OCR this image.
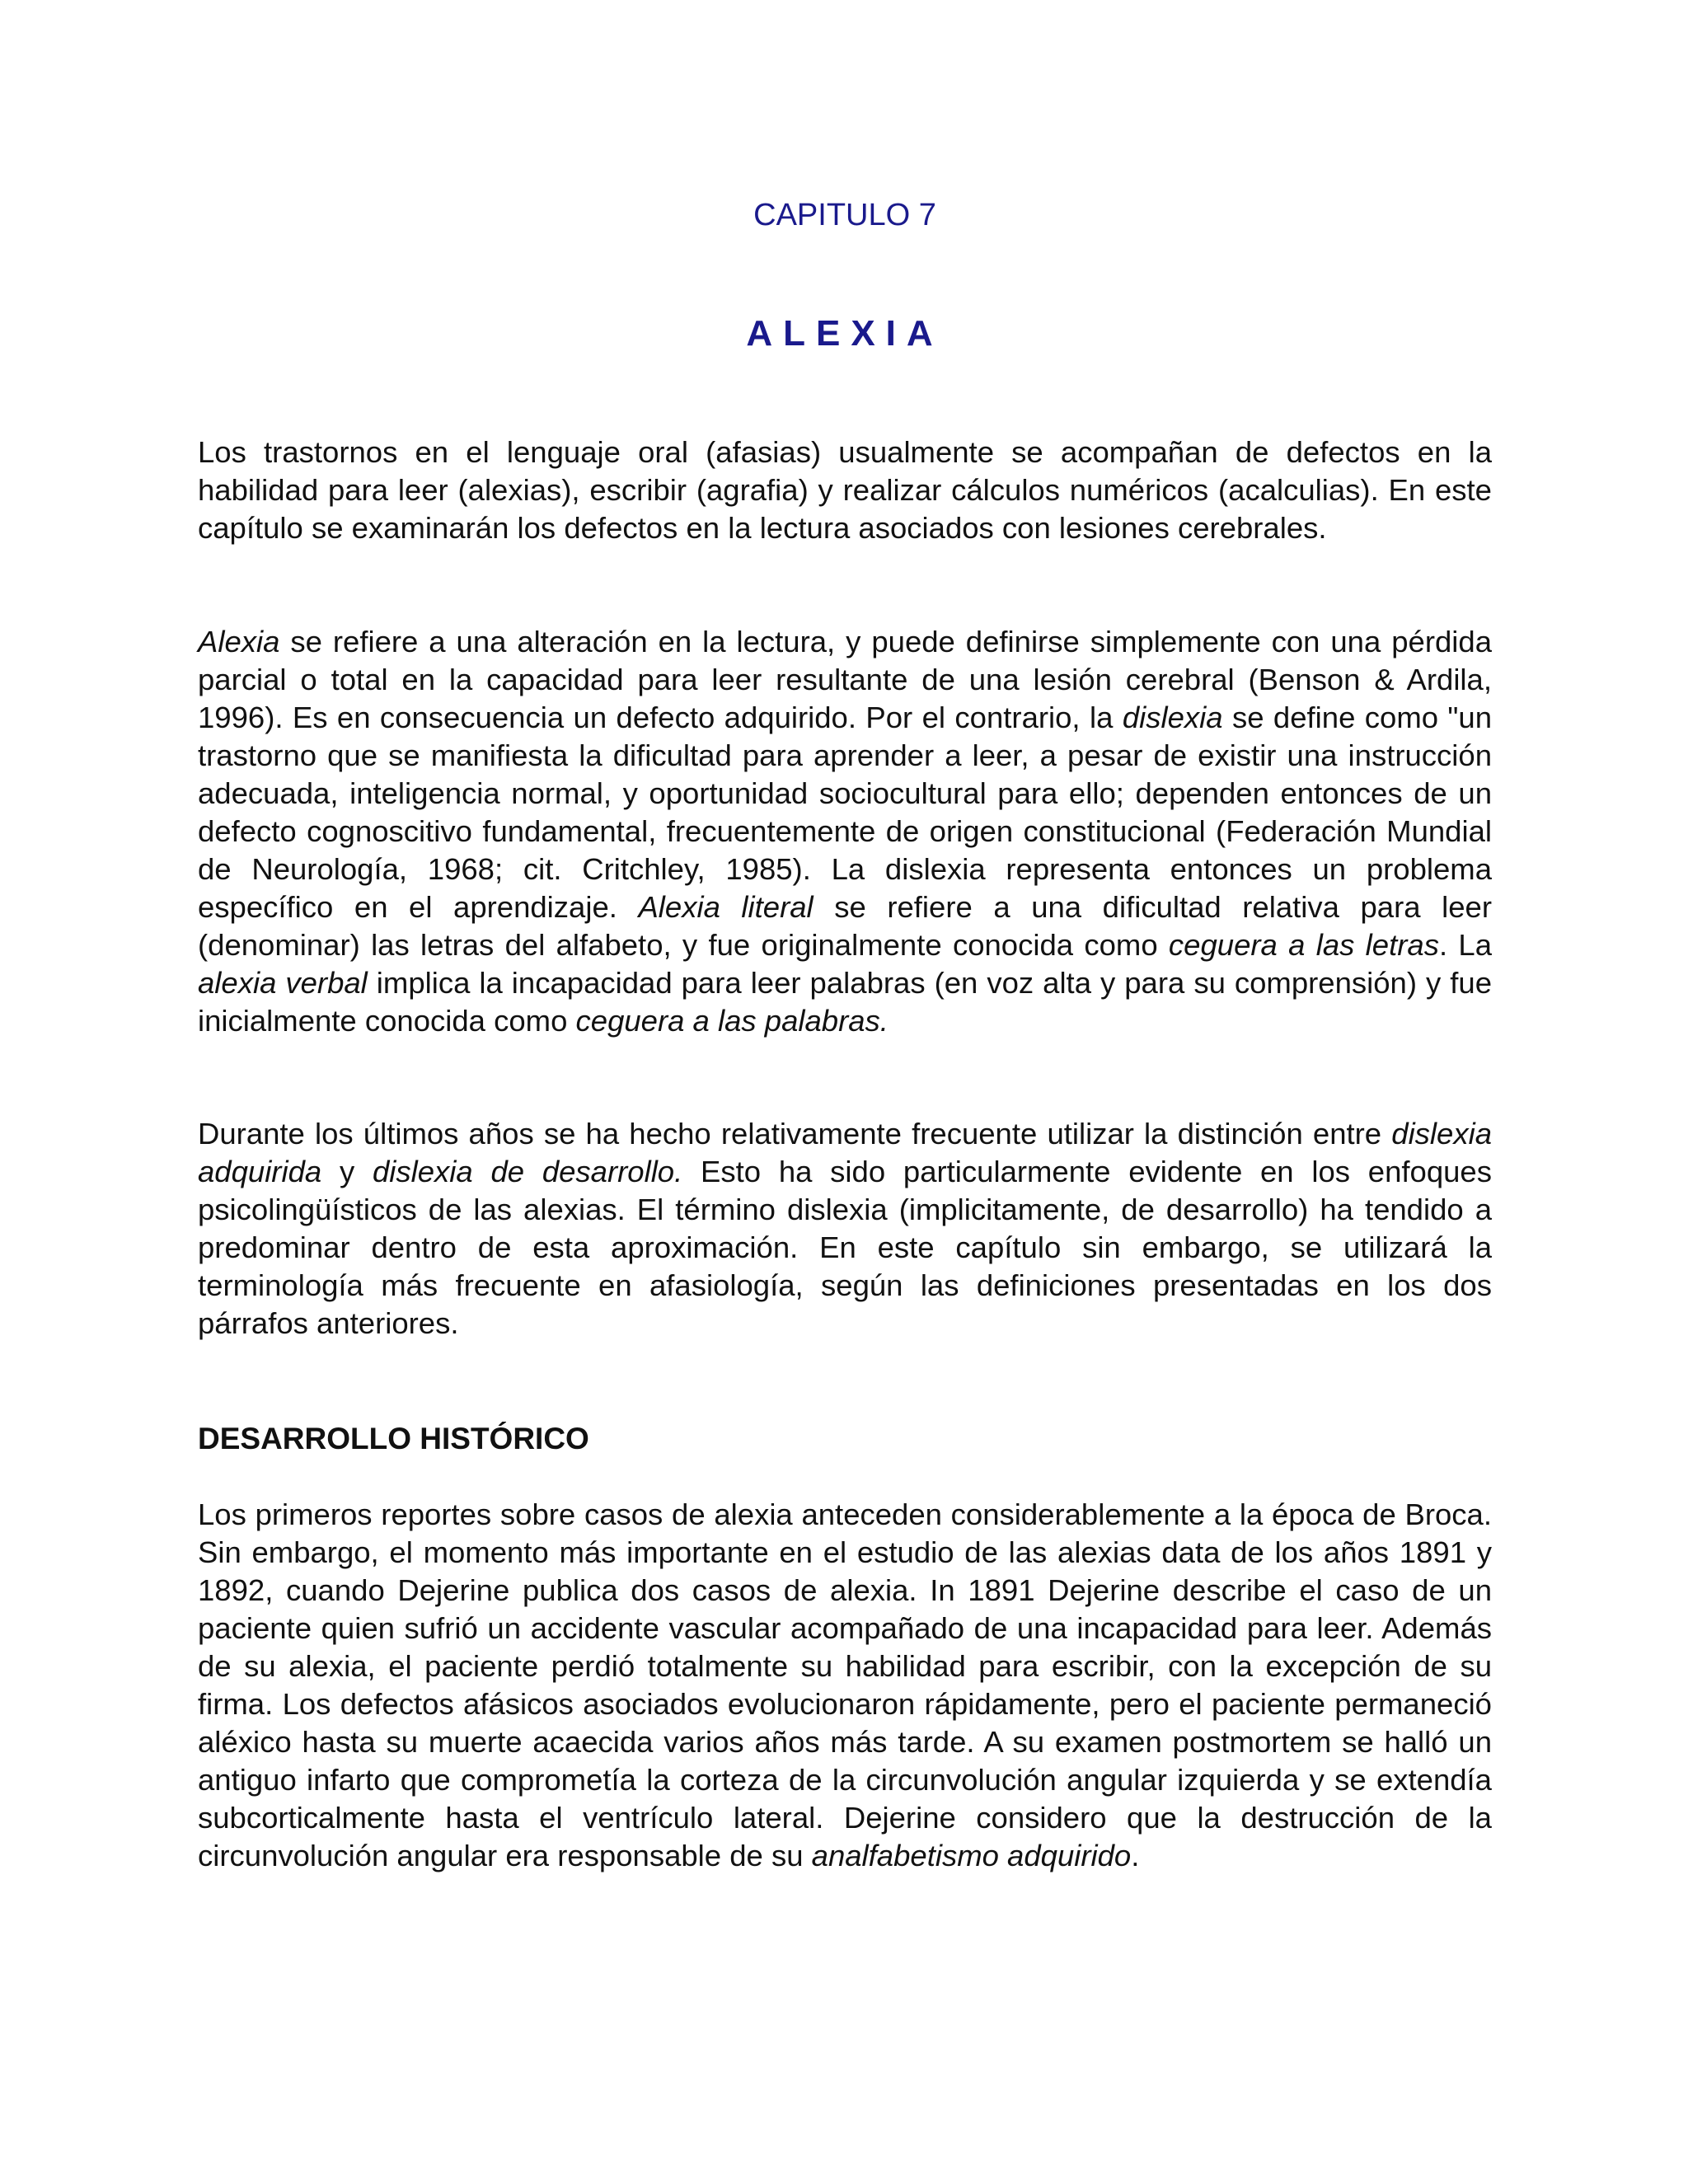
CAPITULO 7
ALEXIA

Los trastornos en el lenguaje oral (afasias) usualmente se acompañan de defectos en la habilidad para leer (alexias), escribir (agrafia) y realizar cálculos numéricos (acalculias). En este capítulo se examinarán los defectos en la lectura asociados con lesiones cerebrales.

Alexia se refiere a una alteración en la lectura, y puede definirse simplemente con una pérdida parcial o total en la capacidad para leer resultante de una lesión cerebral (Benson & Ardila, 1996). Es en consecuencia un defecto adquirido. Por el contrario, la dislexia se define como "un trastorno que se manifiesta la dificultad para aprender a leer, a pesar de existir una instrucción adecuada, inteligencia normal, y oportunidad sociocultural para ello; dependen entonces de un defecto cognoscitivo fundamental, frecuentemente de origen constitucional (Federación Mundial de Neurología, 1968; cit. Critchley, 1985). La dislexia representa entonces un problema específico en el aprendizaje. Alexia literal se refiere a una dificultad relativa para leer (denominar) las letras del alfabeto, y fue originalmente conocida como ceguera a las letras. La alexia verbal implica la incapacidad para leer palabras (en voz alta y para su comprensión) y fue inicialmente conocida como ceguera a las palabras.

Durante los últimos años se ha hecho relativamente frecuente utilizar la distinción entre dislexia adquirida y dislexia de desarrollo. Esto ha sido particularmente evidente en los enfoques psicolingüísticos de las alexias. El término dislexia (implicitamente, de desarrollo) ha tendido a predominar dentro de esta aproximación. En este capítulo sin embargo, se utilizará la terminología más frecuente en afasiología, según las definiciones presentadas en los dos párrafos anteriores.

DESARROLLO HISTÓRICO

Los primeros reportes sobre casos de alexia anteceden considerablemente a la época de Broca. Sin embargo, el momento más importante en el estudio de las alexias data de los años 1891 y 1892, cuando Dejerine publica dos casos de alexia. In 1891 Dejerine describe el caso de un paciente quien sufrió un accidente vascular acompañado de una incapacidad para leer. Además de su alexia, el paciente perdió totalmente su habilidad para escribir, con la excepción de su firma. Los defectos afásicos asociados evolucionaron rápidamente, pero el paciente permaneció aléxico hasta su muerte acaecida varios años más tarde. A su examen postmortem se halló un antiguo infarto que comprometía la corteza de la circunvolución angular izquierda y se extendía subcorticalmente hasta el ventrículo lateral. Dejerine considero que la destrucción de la circunvolución angular era responsable de su analfabetismo adquirido.
